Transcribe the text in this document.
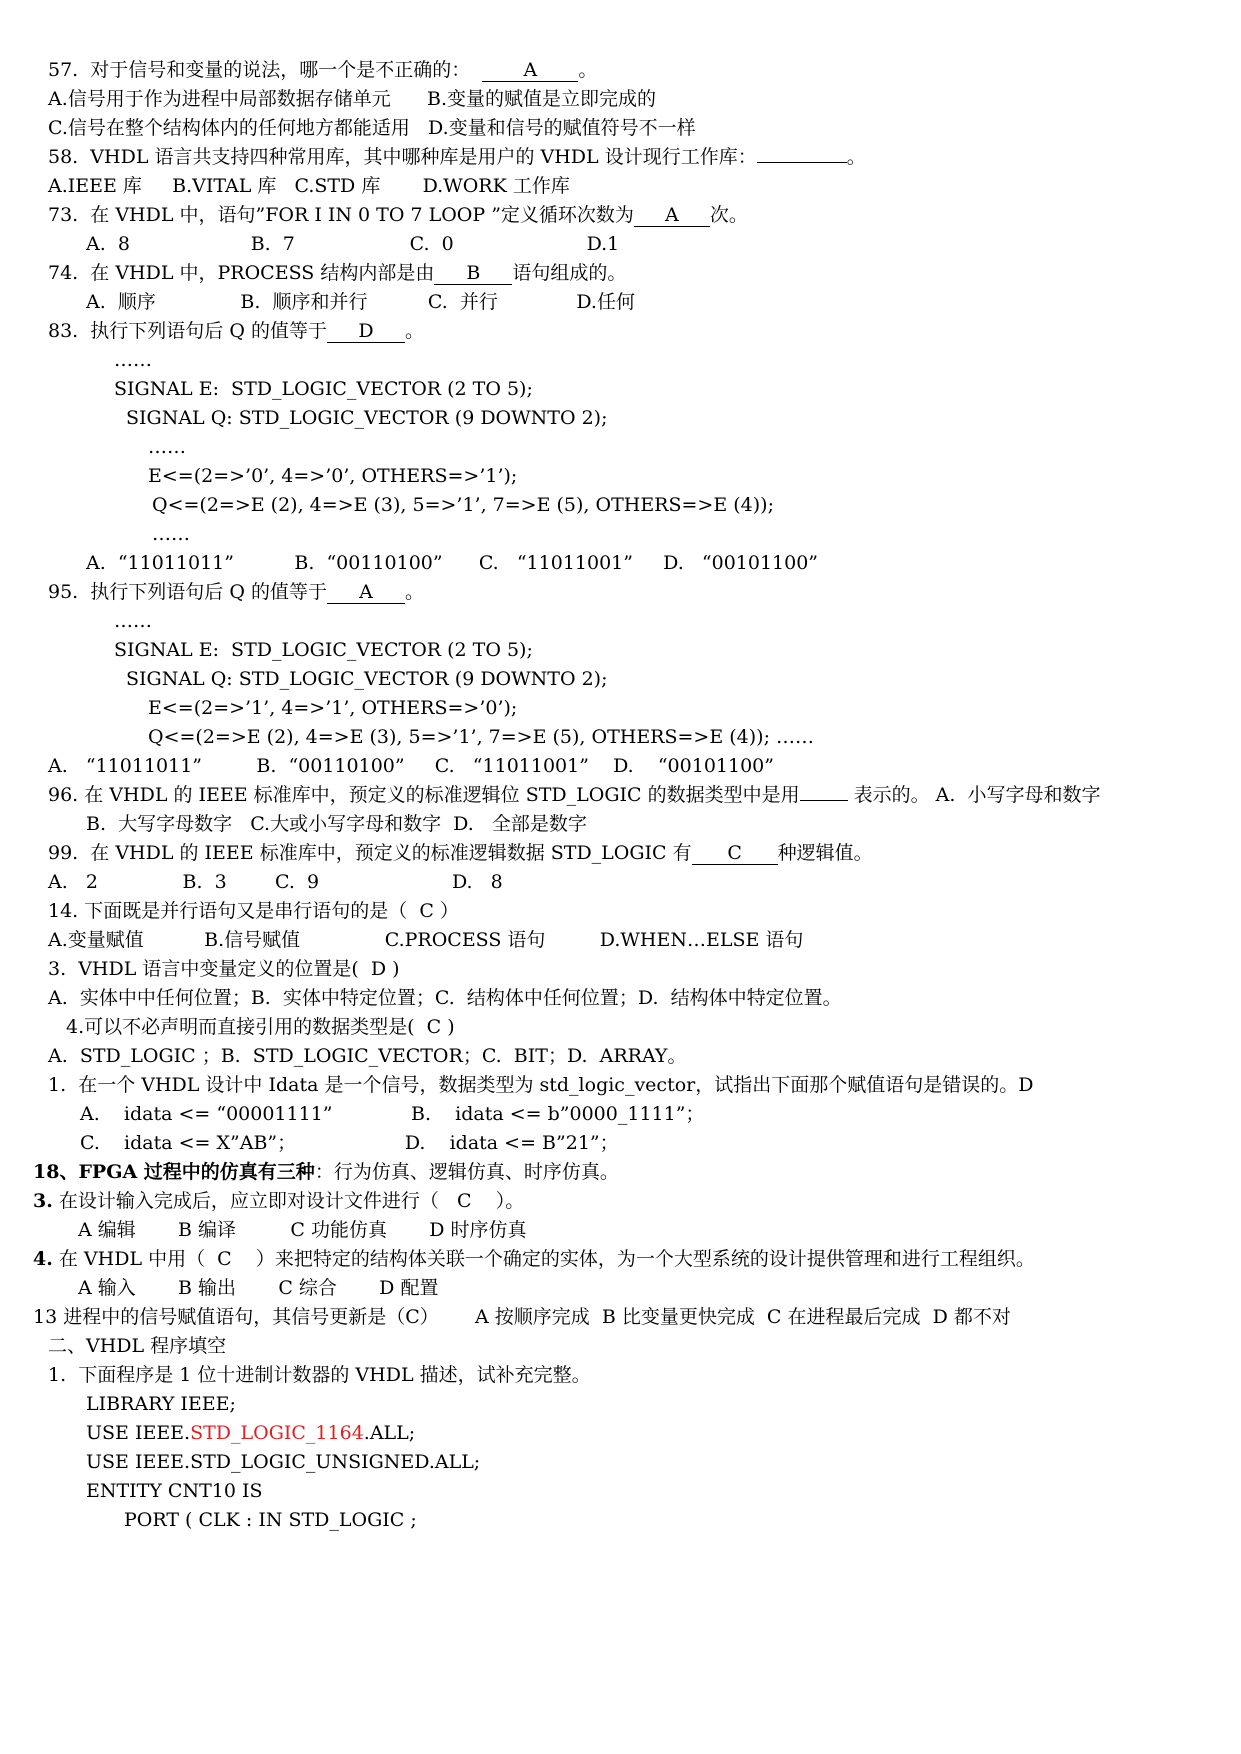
57.  对于信号和变量的说法，哪一个是不正确的：  A 。
A.信号用于作为进程中局部数据存储单元      B.变量的赋值是立即完成的
C.信号在整个结构体内的任何地方都能适用   D.变量和信号的赋值符号不一样
58.  VHDL 语言共支持四种常用库，其中哪种库是用户的 VHDL 设计现行工作库：	。
A.IEEE 库     B.VITAL 库   C.STD 库       D.WORK 工作库
73.  在 VHDL 中，语句”FOR I IN 0 TO 7 LOOP ”定义循环次数为 A 次。
A.  8                    B.  7                   C.  0                      D.1
74.  在 VHDL 中，PROCESS 结构内部是由 B 语句组成的。
A.  顺序              B.  顺序和并行          C.  并行             D.任何
83.  执行下列语句后 Q 的值等于 D 。
……
SIGNAL E:  STD_LOGIC_VECTOR (2 TO 5);
SIGNAL Q: STD_LOGIC_VECTOR (9 DOWNTO 2);
……
E<=(2=>’0’, 4=>’0’, OTHERS=>’1’);
Q<=(2=>E (2), 4=>E (3), 5=>’1’, 7=>E (5), OTHERS=>E (4));
……
A.  “11011011”          B.  “00110100”      C.   “11011001”     D.   “00101100”
95.  执行下列语句后 Q 的值等于 A 。
……
SIGNAL E:  STD_LOGIC_VECTOR (2 TO 5);
SIGNAL Q: STD_LOGIC_VECTOR (9 DOWNTO 2);
E<=(2=>’1’, 4=>’1’, OTHERS=>’0’);
Q<=(2=>E (2), 4=>E (3), 5=>’1’, 7=>E (5), OTHERS=>E (4)); ……
A.   “11011011”         B.  “00110100”     C.   “11011001”    D.    “00101100”
96. 在 VHDL 的 IEEE 标准库中，预定义的标准逻辑位 STD_LOGIC 的数据类型中是用	表示的。 A.  小写字母和数字
B.  大写字母数字   C.大或小写字母和数字  D.   全部是数字
99.  在 VHDL 的 IEEE 标准库中，预定义的标准逻辑数据 STD_LOGIC 有 C 种逻辑值。
A.   2              B.  3        C.  9                      D.   8
14. 下面既是并行语句又是串行语句的是（  C ）
A.变量赋值          B.信号赋值              C.PROCESS 语句         D.WHEN…ELSE 语句
3.  VHDL 语言中变量定义的位置是(  D )
A.  实体中中任何位置；B.  实体中特定位置；C.  结构体中任何位置；D.  结构体中特定位置。
4.可以不必声明而直接引用的数据类型是(  C )
A.  STD_LOGIC ；B.  STD_LOGIC_VECTOR；C.  BIT；D.  ARRAY。
1.  在一个 VHDL 设计中 Idata 是一个信号，数据类型为 std_logic_vector，试指出下面那个赋值语句是错误的。D
A.    idata <= “00001111”             B.    idata <= b”0000_1111”；
C.    idata <= X”AB”；                  D.    idata <= B”21”；
18、FPGA 过程中的仿真有三种：行为仿真、逻辑仿真、时序仿真。
3. 在设计输入完成后，应立即对设计文件进行（   C    ）。
A 编辑       B 编译         C 功能仿真       D 时序仿真
4. 在 VHDL 中用（  C    ）来把特定的结构体关联一个确定的实体，为一个大型系统的设计提供管理和进行工程组织。
A 输入       B 输出       C 综合       D 配置
13 进程中的信号赋值语句，其信号更新是（C）      A 按顺序完成  B 比变量更快完成  C 在进程最后完成  D 都不对
二、VHDL 程序填空
1.  下面程序是 1 位十进制计数器的 VHDL 描述，试补充完整。
LIBRARY IEEE;
USE IEEE.STD_LOGIC_1164.ALL;
USE IEEE.STD_LOGIC_UNSIGNED.ALL;
ENTITY CNT10 IS
PORT ( CLK : IN STD_LOGIC ;
